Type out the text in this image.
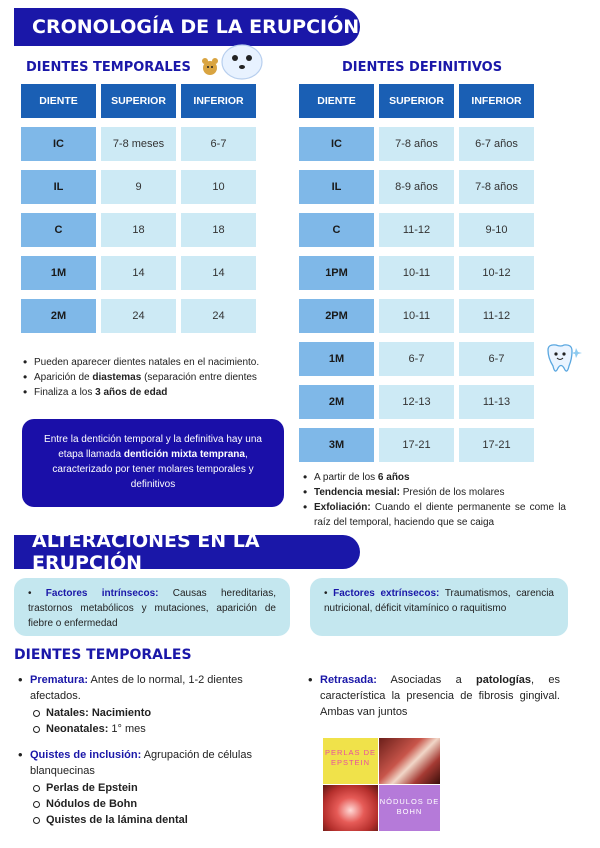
CRONOLOGÍA DE LA ERUPCIÓN
DIENTES TEMPORALES	DIENTES DEFINITIVOS
DIENTE	SUPERIOR	INFERIOR
IC	7-8 meses	6-7
IL	9	10
C	18	18
1M	14	14
2M	24	24
DIENTE	SUPERIOR	INFERIOR
IC	7-8 años	6-7 años
IL	8-9 años	7-8 años
C	11-12	9-10
1PM	10-11	10-12
2PM	10-11	11-12
1M	6-7	6-7
2M	12-13	11-13
3M	17-21	17-21
• Pueden aparecer dientes natales en el nacimiento.
• Aparición de diastemas (separación entre dientes
• Finaliza a los 3 años de edad
Entre la dentición temporal y la definitiva hay una etapa llamada dentición mixta temprana, caracterizado por tener molares temporales y definitivos
• A partir de los 6 años
• Tendencia mesial: Presión de los molares
• Exfoliación: Cuando el diente permanente se come la raíz del temporal, haciendo que se caiga
ALTERACIONES EN LA ERUPCIÓN
• Factores intrínsecos: Causas hereditarias, trastornos metabólicos y mutaciones, aparición de fiebre o enfermedad
• Factores extrínsecos: Traumatismos, carencia nutricional, déficit vitamínico o raquitismo
DIENTES TEMPORALES
• Prematura: Antes de lo normal, 1-2 dientes afectados.
Natales: Nacimiento
Neonatales: 1° mes
• Quistes de inclusión: Agrupación de células blanquecinas
Perlas de Epstein
Nódulos de Bohn
Quistes de la lámina dental
• Retrasada: Asociadas a patologías, es característica la presencia de fibrosis gingival. Ambas van juntos
PERLAS DE EPSTEIN
NÓDULOS DE BOHN
